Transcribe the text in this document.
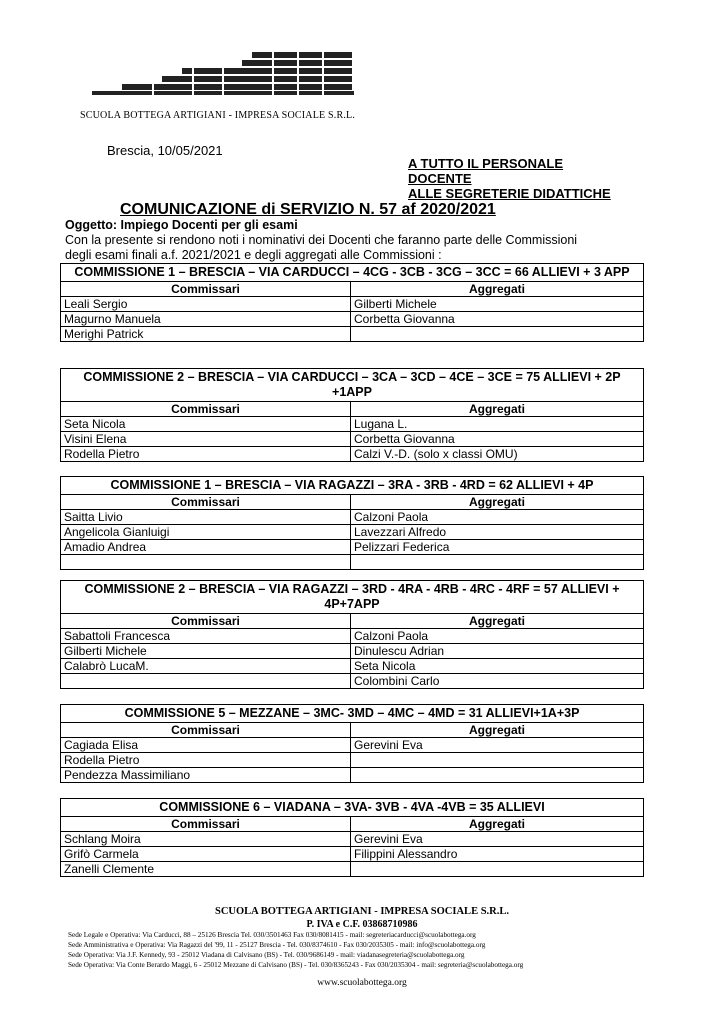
SCUOLA BOTTEGA ARTIGIANI - IMPRESA SOCIALE S.R.L.
Brescia, 10/05/2021
A TUTTO IL PERSONALE
DOCENTE
ALLE SEGRETERIE DIDATTICHE
COMUNICAZIONE di SERVIZIO N. 57 af 2020/2021
Oggetto: Impiego Docenti per gli esami
Con la presente si rendono noti i nominativi dei Docenti che faranno parte delle Commissioni
degli esami finali a.f. 2021/2021 e degli aggregati alle Commissioni :
COMMISSIONE 1 – BRESCIA – VIA CARDUCCI – 4CG - 3CB - 3CG – 3CC = 66 ALLIEVI + 3 APP	
Commissari	Aggregati
Leali Sergio	Gilberti Michele
Magurno Manuela	Corbetta Giovanna
Merighi Patrick	
COMMISSIONE 2 – BRESCIA – VIA CARDUCCI – 3CA – 3CD – 4CE – 3CE = 75 ALLIEVI + 2P +1APP	
Commissari	Aggregati
Seta Nicola	Lugana L.
Visini Elena	Corbetta Giovanna
Rodella Pietro	Calzi V.-D. (solo x classi OMU)
COMMISSIONE 1 – BRESCIA – VIA RAGAZZI – 3RA - 3RB - 4RD = 62 ALLIEVI + 4P	
Commissari	Aggregati
Saitta Livio	Calzoni Paola
Angelicola Gianluigi	Lavezzari Alfredo
Amadio Andrea	Pelizzari Federica

COMMISSIONE 2 – BRESCIA – VIA RAGAZZI – 3RD - 4RA - 4RB - 4RC - 4RF = 57 ALLIEVI + 4P+7APP	
Commissari	Aggregati
Sabattoli Francesca	Calzoni Paola
Gilberti Michele	Dinulescu Adrian
Calabrò LucaM.	Seta Nicola
	Colombini Carlo
COMMISSIONE 5 – MEZZANE – 3MC- 3MD – 4MC – 4MD = 31 ALLIEVI+1A+3P	
Commissari	Aggregati
Cagiada Elisa	Gerevini Eva
Rodella Pietro	
Pendezza Massimiliano	
COMMISSIONE 6 – VIADANA – 3VA- 3VB - 4VA -4VB = 35 ALLIEVI	
Commissari	Aggregati
Schlang Moira	Gerevini Eva
Grifò Carmela	Filippini Alessandro
Zanelli Clemente	
SCUOLA BOTTEGA ARTIGIANI - IMPRESA SOCIALE S.R.L.
P. IVA e C.F. 03868710986
Sede Legale e Operativa: Via Carducci, 88 – 25126 Brescia Tel. 030/3501463 Fax 030/8081415 - mail: segreteriacarducci@scuolabottega.org
Sede Amministrativa e Operativa: Via Ragazzi del '99, 11 - 25127 Brescia - Tel. 030/8374610 - Fax 030/2035305 - mail: info@scuolabottega.org
Sede Operativa: Via J.F. Kennedy, 93 - 25012 Viadana di Calvisano (BS) - Tel. 030/9686149 - mail: viadanasegreteria@scuolabottega.org
Sede Operativa: Via Conte Berardo Maggi, 6 - 25012 Mezzane di Calvisano (BS) - Tel. 030/8365243 - Fax 030/2035304 - mail: segreteria@scuolabottega.org
www.scuolabottega.org
